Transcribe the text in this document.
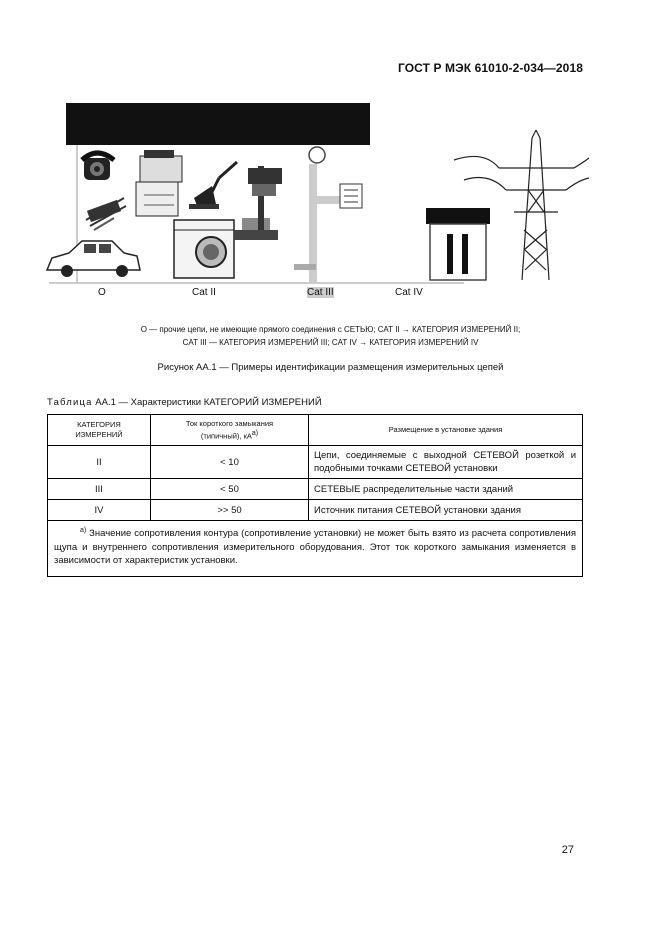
ГОСТ Р МЭК 61010-2-034—2018
O	Cat II	Cat III	Cat IV
О — прочие цепи, не имеющие прямого соединения с СЕТЬЮ; САТ II → КАТЕГОРИЯ ИЗМЕРЕНИЙ II;
CAT III — КАТЕГОРИЯ ИЗМЕРЕНИЙ III; CAT IV → КАТЕГОРИЯ ИЗМЕРЕНИЙ IV
Рисунок АА.1 — Примеры идентификации размещения измерительных цепей
Таблица АА.1 — Характеристики КАТЕГОРИЙ ИЗМЕРЕНИЙ
КАТЕГОРИЯ ИЗМЕРЕНИЙ	Ток короткого замыкания (типичный), $кА^{a)}$	Размещение в установке здания
II	< 10	Цепи, соединяемые с выходной СЕТЕВОЙ розеткой и подобными точками СЕТЕВОЙ установки
III	< 50	СЕТЕВЫЕ распределительные части зданий
IV	>> 50	Источник питания СЕТЕВОЙ установки здания
$^{a)}$ Значение сопротивления контура (сопротивление установки) не может быть взято из расчета сопротивления щупа и внутреннего сопротивления измерительного оборудования. Этот ток короткого замыкания изменяется в зависимости от характеристик установки.		
27
